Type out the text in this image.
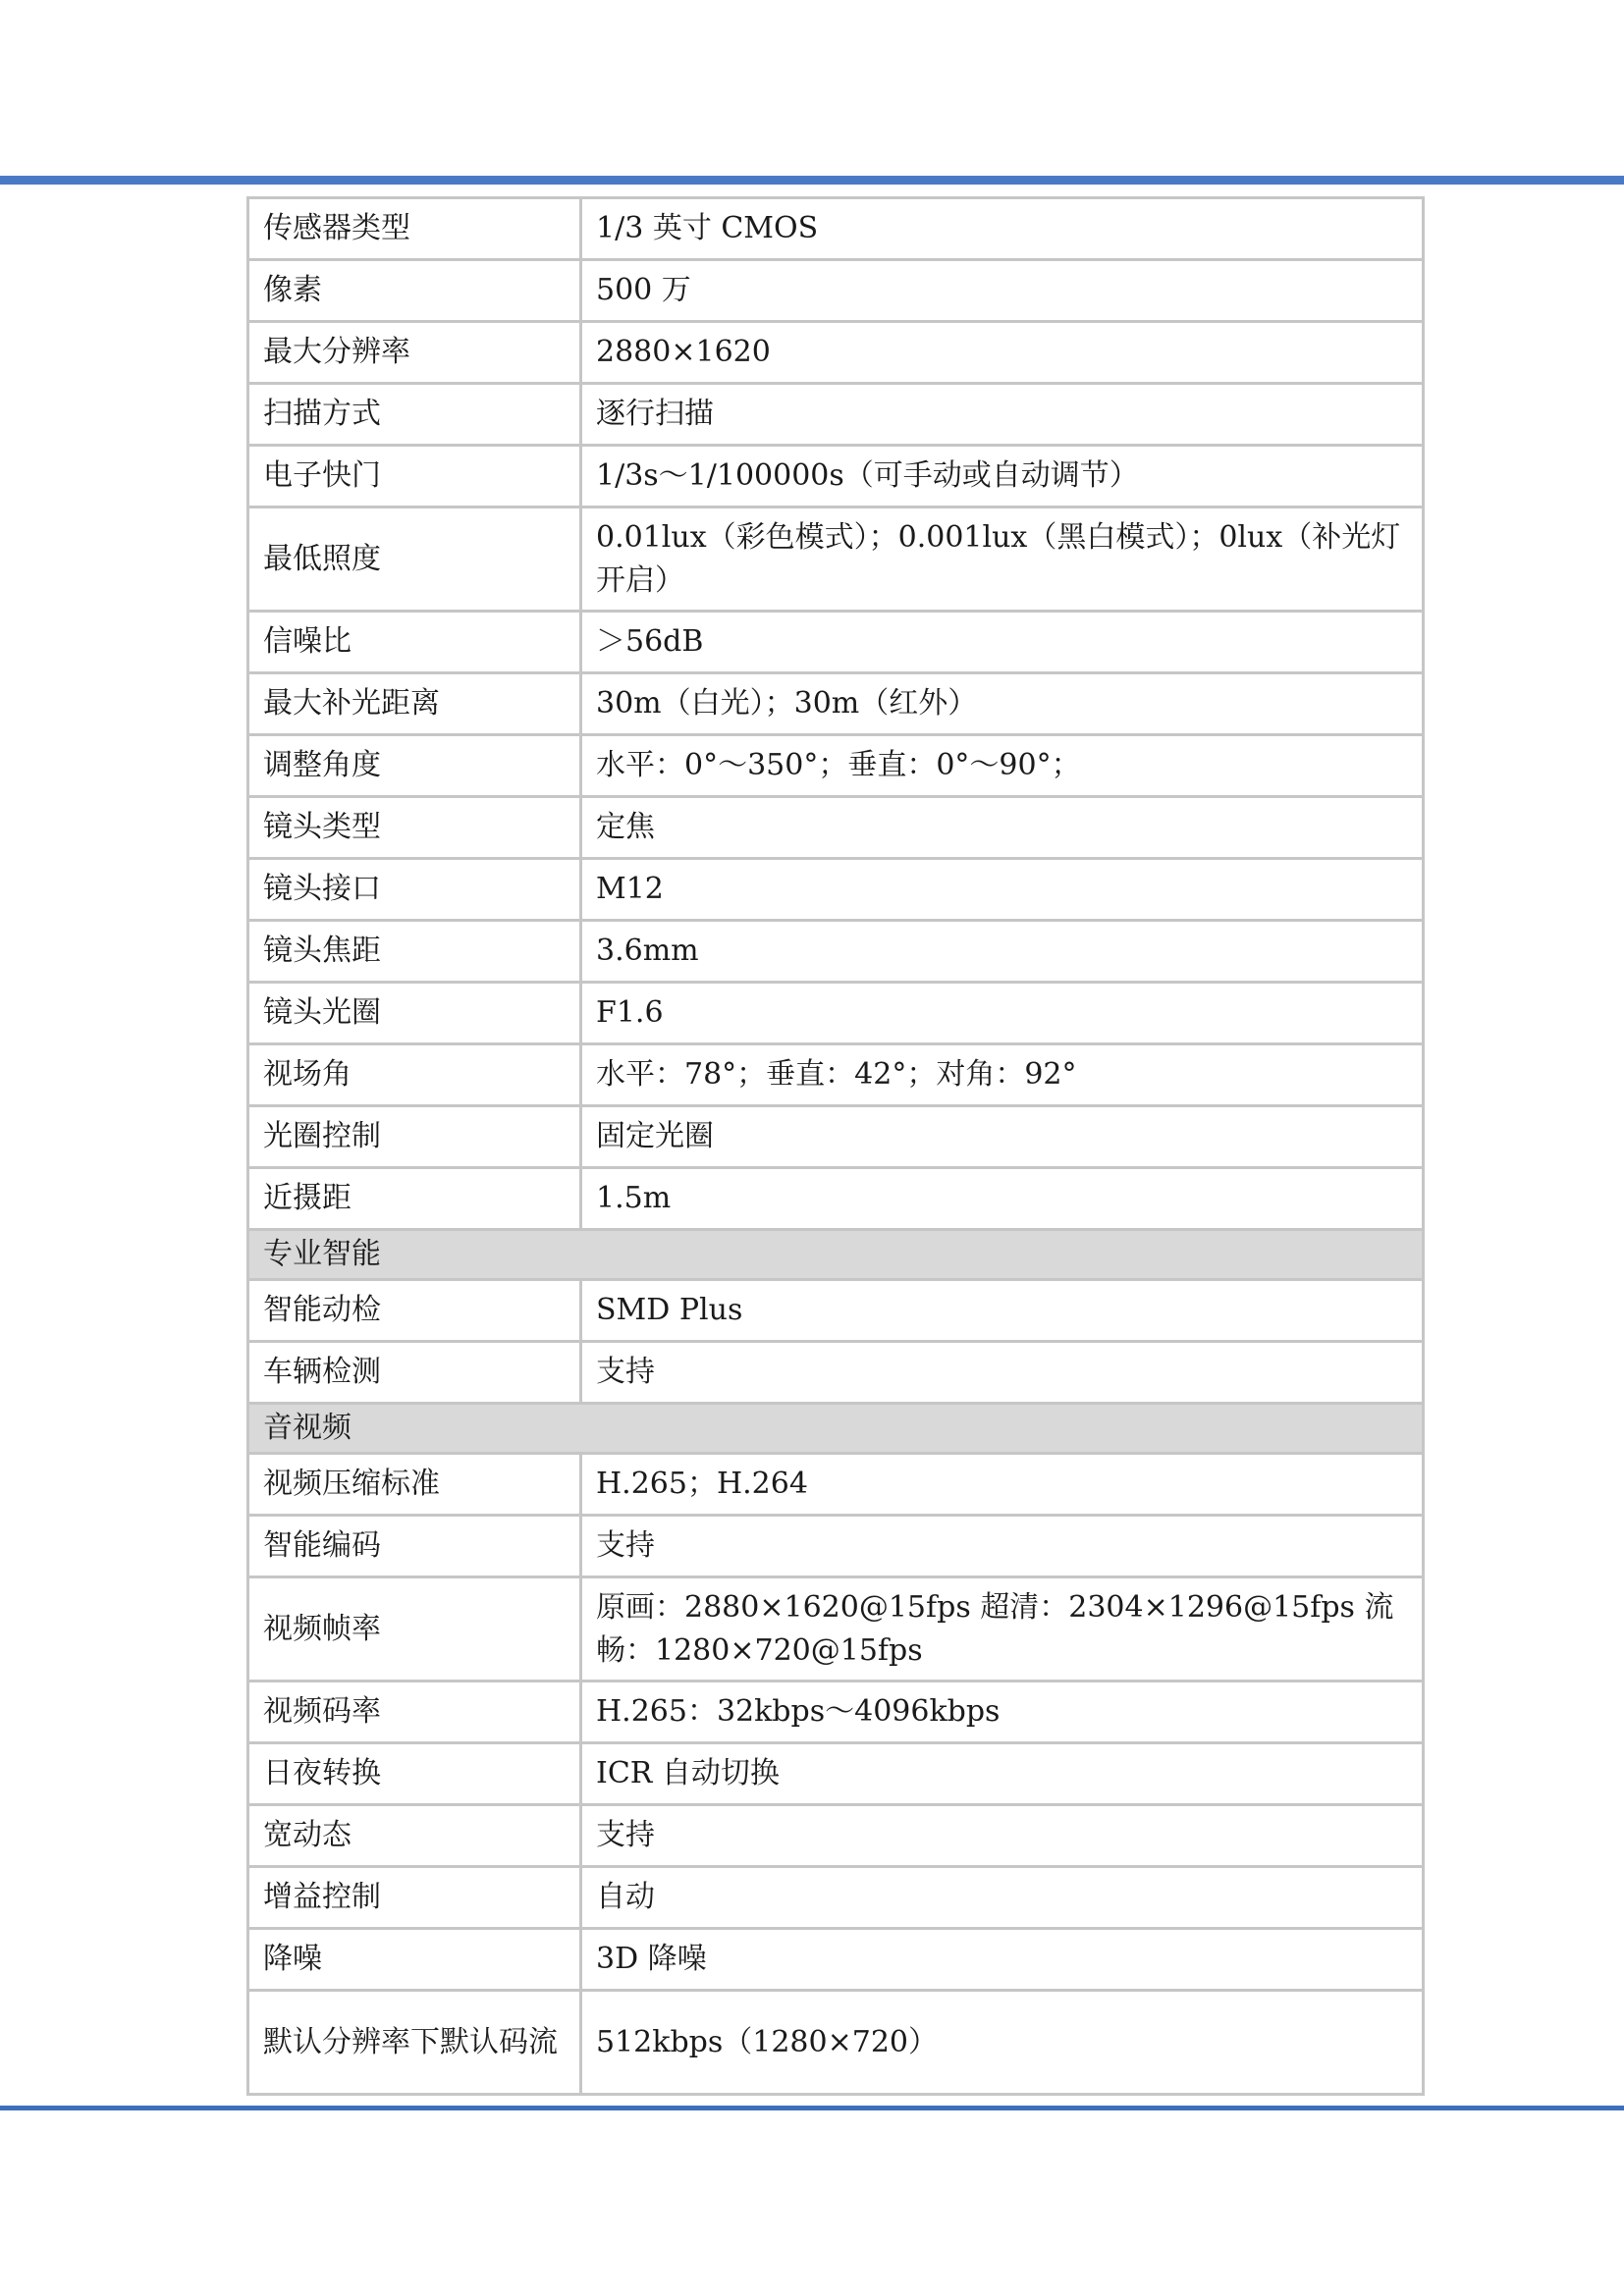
传感器类型	1/3 英寸 CMOS
像素	500 万
最大分辨率	2880×1620
扫描方式	逐行扫描
电子快门	1/3s～1/100000s（可手动或自动调节）
最低照度	0.01lux（彩色模式）；0.001lux（黑白模式）；0lux（补光灯开启）
信噪比	＞56dB
最大补光距离	30m（白光）；30m（红外）
调整角度	水平：0°～350°；垂直：0°～90°；
镜头类型	定焦
镜头接口	M12
镜头焦距	3.6mm
镜头光圈	F1.6
视场角	水平：78°；垂直：42°；对角：92°
光圈控制	固定光圈
近摄距	1.5m
专业智能	
智能动检	SMD Plus
车辆检测	支持
音视频	
视频压缩标准	H.265；H.264
智能编码	支持
视频帧率	原画：2880×1620@15fps 超清：2304×1296@15fps 流畅：1280×720@15fps
视频码率	H.265：32kbps～4096kbps
日夜转换	ICR 自动切换
宽动态	支持
增益控制	自动
降噪	3D 降噪
默认分辨率下默认码流	512kbps（1280×720）
